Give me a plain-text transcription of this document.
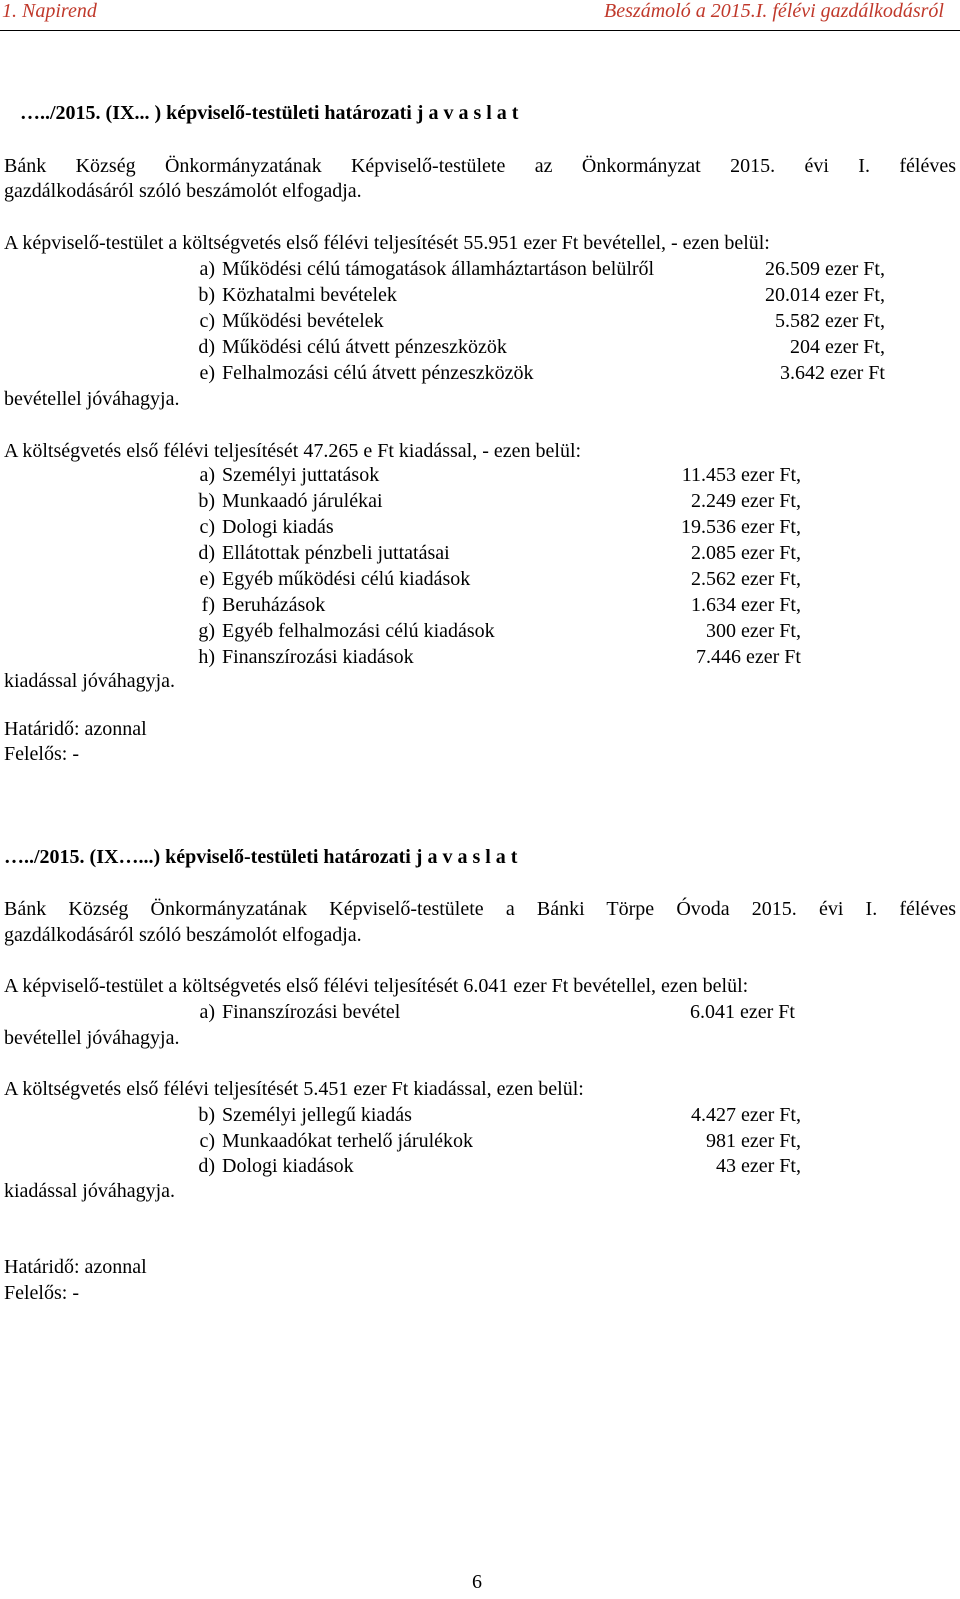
1. Napirend	Beszámoló a 2015.I. félévi gazdálkodásról
…../2015. (IX... ) képviselő-testületi határozati j a v a s l a t
Bánk Község Önkormányzatának Képviselő-testülete az Önkormányzat 2015. évi I. féléves
gazdálkodásáról szóló beszámolót elfogadja.
A képviselő-testület a költségvetés első félévi teljesítését 55.951 ezer Ft bevétellel, - ezen belül:
a) Működési célú támogatások államháztartáson belülről	26.509 ezer Ft,
b) Közhatalmi bevételek	20.014 ezer Ft,
c) Működési bevételek	5.582 ezer Ft,
d) Működési célú átvett pénzeszközök	204 ezer Ft,
e) Felhalmozási célú átvett pénzeszközök	3.642 ezer Ft
bevétellel jóváhagyja.
A költségvetés első félévi teljesítését 47.265 e Ft kiadással, - ezen belül:
a) Személyi juttatások	11.453 ezer Ft,
b) Munkaadó járulékai	2.249 ezer Ft,
c) Dologi kiadás	19.536 ezer Ft,
d) Ellátottak pénzbeli juttatásai	2.085 ezer Ft,
e) Egyéb működési célú kiadások	2.562 ezer Ft,
f) Beruházások	1.634 ezer Ft,
g) Egyéb felhalmozási célú kiadások	300 ezer Ft,
h) Finanszírozási kiadások	7.446 ezer Ft
kiadással jóváhagyja.
Határidő: azonnal
Felelős: -
…../2015. (IX…...) képviselő-testületi határozati j a v a s l a t
Bánk Község Önkormányzatának Képviselő-testülete a Bánki Törpe Óvoda 2015. évi I. féléves
gazdálkodásáról szóló beszámolót elfogadja.
A képviselő-testület a költségvetés első félévi teljesítését 6.041 ezer Ft bevétellel, ezen belül:
a) Finanszírozási bevétel	6.041 ezer Ft
bevétellel jóváhagyja.
A költségvetés első félévi teljesítését 5.451 ezer Ft kiadással, ezen belül:
b) Személyi jellegű kiadás	4.427 ezer Ft,
c) Munkaadókat terhelő járulékok	981 ezer Ft,
d) Dologi kiadások	43 ezer Ft,
kiadással jóváhagyja.
Határidő: azonnal
Felelős: -
6
